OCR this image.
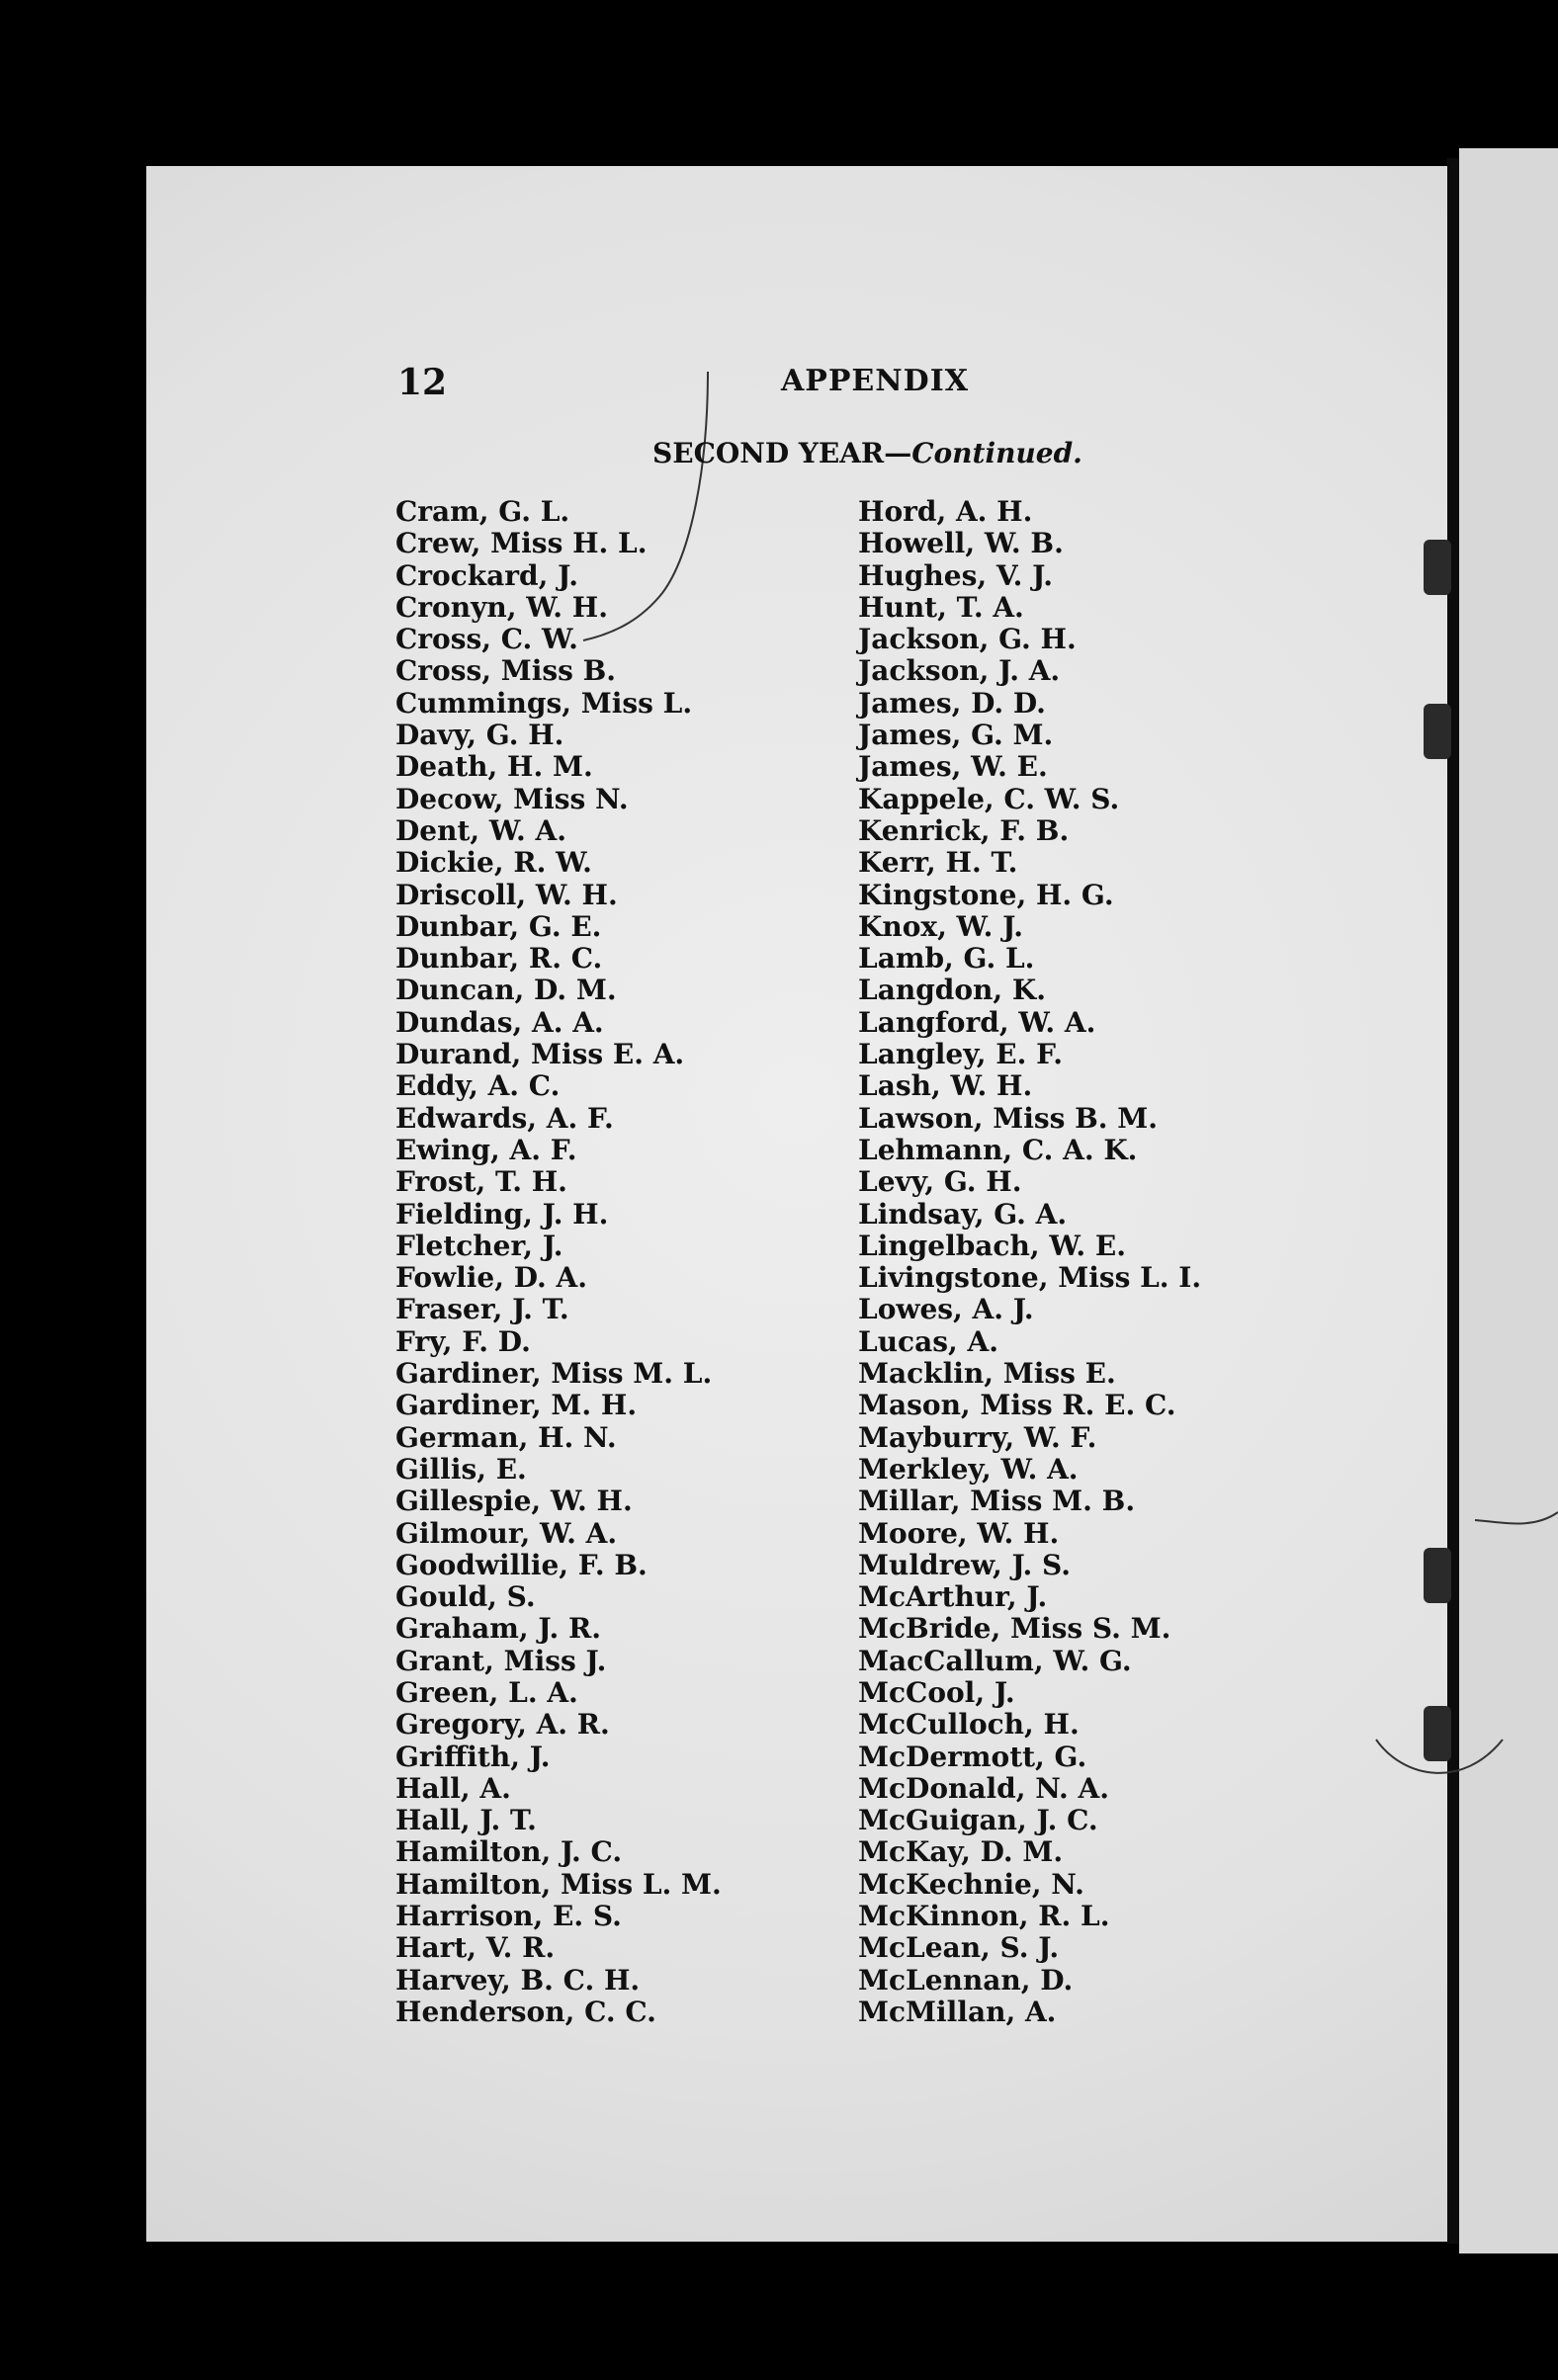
12	APPENDIX
SECOND YEAR—Continued.
Cram, G. L.
Crew, Miss H. L.
Crockard, J.
Cronyn, W. H.
Cross, C. W.
Cross, Miss B.
Cummings, Miss L.
Davy, G. H.
Death, H. M.
Decow, Miss N.
Dent, W. A.
Dickie, R. W.
Driscoll, W. H.
Dunbar, G. E.
Dunbar, R. C.
Duncan, D. M.
Dundas, A. A.
Durand, Miss E. A.
Eddy, A. C.
Edwards, A. F.
Ewing, A. F.
Frost, T. H.
Fielding, J. H.
Fletcher, J.
Fowlie, D. A.
Fraser, J. T.
Fry, F. D.
Gardiner, Miss M. L.
Gardiner, M. H.
German, H. N.
Gillis, E.
Gillespie, W. H.
Gilmour, W. A.
Goodwillie, F. B.
Gould, S.
Graham, J. R.
Grant, Miss J.
Green, L. A.
Gregory, A. R.
Griffith, J.
Hall, A.
Hall, J. T.
Hamilton, J. C.
Hamilton, Miss L. M.
Harrison, E. S.
Hart, V. R.
Harvey, B. C. H.
Henderson, C. C.
Hord, A. H.
Howell, W. B.
Hughes, V. J.
Hunt, T. A.
Jackson, G. H.
Jackson, J. A.
James, D. D.
James, G. M.
James, W. E.
Kappele, C. W. S.
Kenrick, F. B.
Kerr, H. T.
Kingstone, H. G.
Knox, W. J.
Lamb, G. L.
Langdon, K.
Langford, W. A.
Langley, E. F.
Lash, W. H.
Lawson, Miss B. M.
Lehmann, C. A. K.
Levy, G. H.
Lindsay, G. A.
Lingelbach, W. E.
Livingstone, Miss L. I.
Lowes, A. J.
Lucas, A.
Macklin, Miss E.
Mason, Miss R. E. C.
Mayburry, W. F.
Merkley, W. A.
Millar, Miss M. B.
Moore, W. H.
Muldrew, J. S.
McArthur, J.
McBride, Miss S. M.
MacCallum, W. G.
McCool, J.
McCulloch, H.
McDermott, G.
McDonald, N. A.
McGuigan, J. C.
McKay, D. M.
McKechnie, N.
McKinnon, R. L.
McLean, S. J.
McLennan, D.
McMillan, A.
